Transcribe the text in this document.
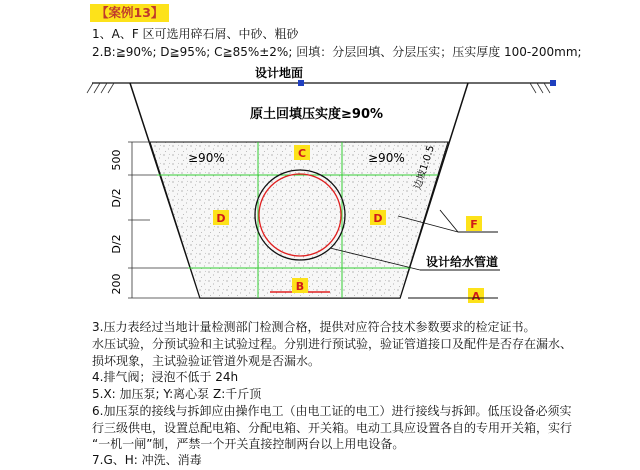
【案例13】
1、A、F 区可选用碎石屑、中砂、粗砂
2.B:≧90%; D≧95%; C≧85%±2%; 回填：分层回填、分层压实；压实厚度 100-200mm;
500
D/2
D/2
200
设计地面
原土回填压实度≥90%
≥90%	≥90% 边坡1:0.5
C
D	D
B
A
F
设计给水管道
3.压力表经过当地计量检测部门检测合格，提供对应符合技术参数要求的检定证书。
水压试验，分预试验和主试验过程。分别进行预试验，验证管道接口及配件是否存在漏水、
损坏现象，主试验验证管道外观是否漏水。
4.排气阀；浸泡不低于 24h
5.X: 加压泵; Y:离心泵 Z:千斤顶
6.加压泵的接线与拆卸应由操作电工（由电工证的电工）进行接线与拆卸。低压设备必须实
行三级供电，设置总配电箱、分配电箱、开关箱。电动工具应设置各自的专用开关箱，实行
“一机一闸”制，严禁一个开关直接控制两台以上用电设备。
7.G、H: 冲洗、消毒
